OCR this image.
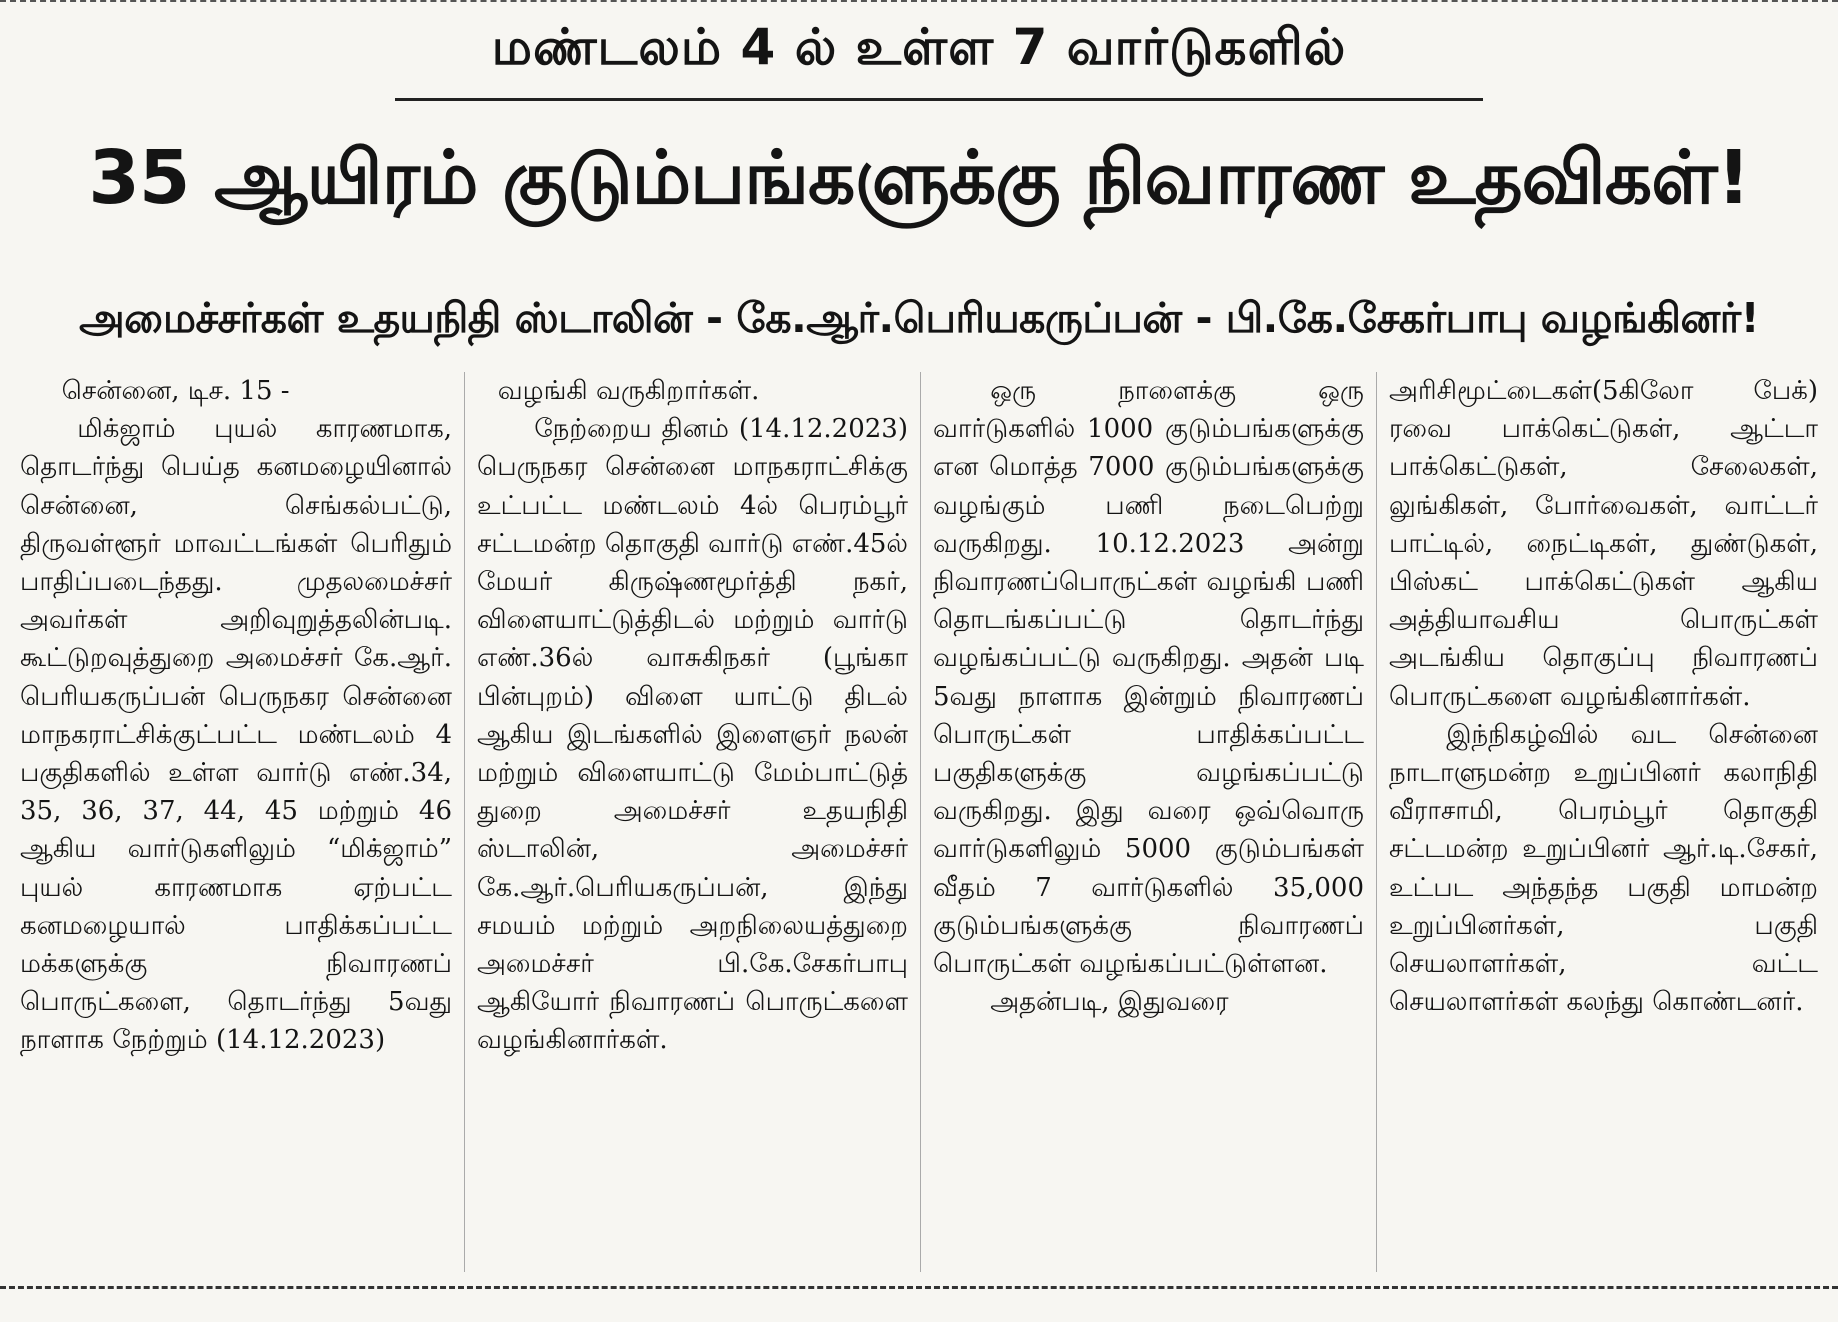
மண்டலம் 4 ல் உள்ள 7 வார்டுகளில்
35 ஆயிரம் குடும்பங்களுக்கு நிவாரண உதவிகள்!
அமைச்சர்கள் உதயநிதி ஸ்டாலின் - கே.ஆர்.பெரியகருப்பன் - பி.கே.சேகர்பாபு வழங்கினர்!

சென்னை, டிச. 15 -

மிக்ஜாம் புயல் காரணமாக, தொடர்ந்து பெய்த கனமழையினால் சென்னை, செங்கல்பட்டு, திருவள்ளூர் மாவட்டங்கள் பெரிதும் பாதிப்படைந்தது. முதலமைச்சர் அவர்கள் அறிவுறுத்தலின்படி. கூட்டுறவுத்துறை அமைச்சர் கே.ஆர். பெரியகருப்பன் பெருநகர சென்னை மாநகராட்சிக்குட்பட்ட மண்டலம் 4 பகுதிகளில் உள்ள வார்டு எண்.34, 35, 36, 37, 44, 45 மற்றும் 46 ஆகிய வார்டுகளிலும் “மிக்ஜாம்” புயல் காரணமாக ஏற்பட்ட கனமழையால் பாதிக்கப்பட்ட மக்களுக்கு நிவாரணப் பொருட்களை, தொடர்ந்து 5வது நாளாக நேற்றும் (14.12.2023)

வழங்கி வருகிறார்கள்.

நேற்றைய தினம் (14.12.2023) பெருநகர சென்னை மாநகராட்சிக்கு உட்பட்ட மண்டலம் 4ல் பெரம்பூர் சட்டமன்ற தொகுதி வார்டு எண்.45ல் மேயர் கிருஷ்ணமூர்த்தி நகர், விளையாட்டுத்திடல் மற்றும் வார்டு எண்.36ல் வாசுகிநகர் (பூங்கா பின்புறம்) விளை யாட்டு திடல் ஆகிய இடங்களில் இளைஞர் நலன் மற்றும் விளையாட்டு மேம்பாட்டுத் துறை அமைச்சர் உதயநிதி ஸ்டாலின், அமைச்சர் கே.ஆர்.பெரியகருப்பன், இந்து சமயம் மற்றும் அறநிலையத்துறை அமைச்சர் பி.கே.சேகர்பாபு ஆகியோர் நிவாரணப் பொருட்களை வழங்கினார்கள்.

ஒரு நாளைக்கு ஒரு வார்டுகளில் 1000 குடும்பங்களுக்கு என மொத்த 7000 குடும்பங்களுக்கு வழங்கும் பணி நடைபெற்று வருகிறது. 10.12.2023 அன்று நிவாரணப்பொருட்கள் வழங்கி பணி தொடங்கப்பட்டு தொடர்ந்து வழங்கப்பட்டு வருகிறது. அதன் படி 5வது நாளாக இன்றும் நிவாரணப் பொருட்கள் பாதிக்கப்பட்ட பகுதிகளுக்கு வழங்கப்பட்டு வருகிறது. இது வரை ஒவ்வொரு வார்டுகளிலும் 5000 குடும்பங்கள் வீதம் 7 வார்டுகளில் 35,000 குடும்பங்களுக்கு நிவாரணப் பொருட்கள் வழங்கப்பட்டுள்ளன.

அதன்படி, இதுவரை

அரிசிமூட்டைகள்(5கிலோ பேக்) ரவை பாக்கெட்டுகள், ஆட்டா பாக்கெட்டுகள், சேலைகள், லுங்கிகள், போர்வைகள், வாட்டர் பாட்டில், நைட்டிகள், துண்டுகள், பிஸ்கட் பாக்கெட்டுகள் ஆகிய அத்தியாவசிய பொருட்கள் அடங்கிய தொகுப்பு நிவாரணப் பொருட்களை வழங்கினார்கள்.

இந்நிகழ்வில் வட சென்னை நாடாளுமன்ற உறுப்பினர் கலாநிதி வீராசாமி, பெரம்பூர் தொகுதி சட்டமன்ற உறுப்பினர் ஆர்.டி.சேகர், உட்பட அந்தந்த பகுதி மாமன்ற உறுப்பினர்கள், பகுதி செயலாளர்கள், வட்ட செயலாளர்கள் கலந்து கொண்டனர்.
